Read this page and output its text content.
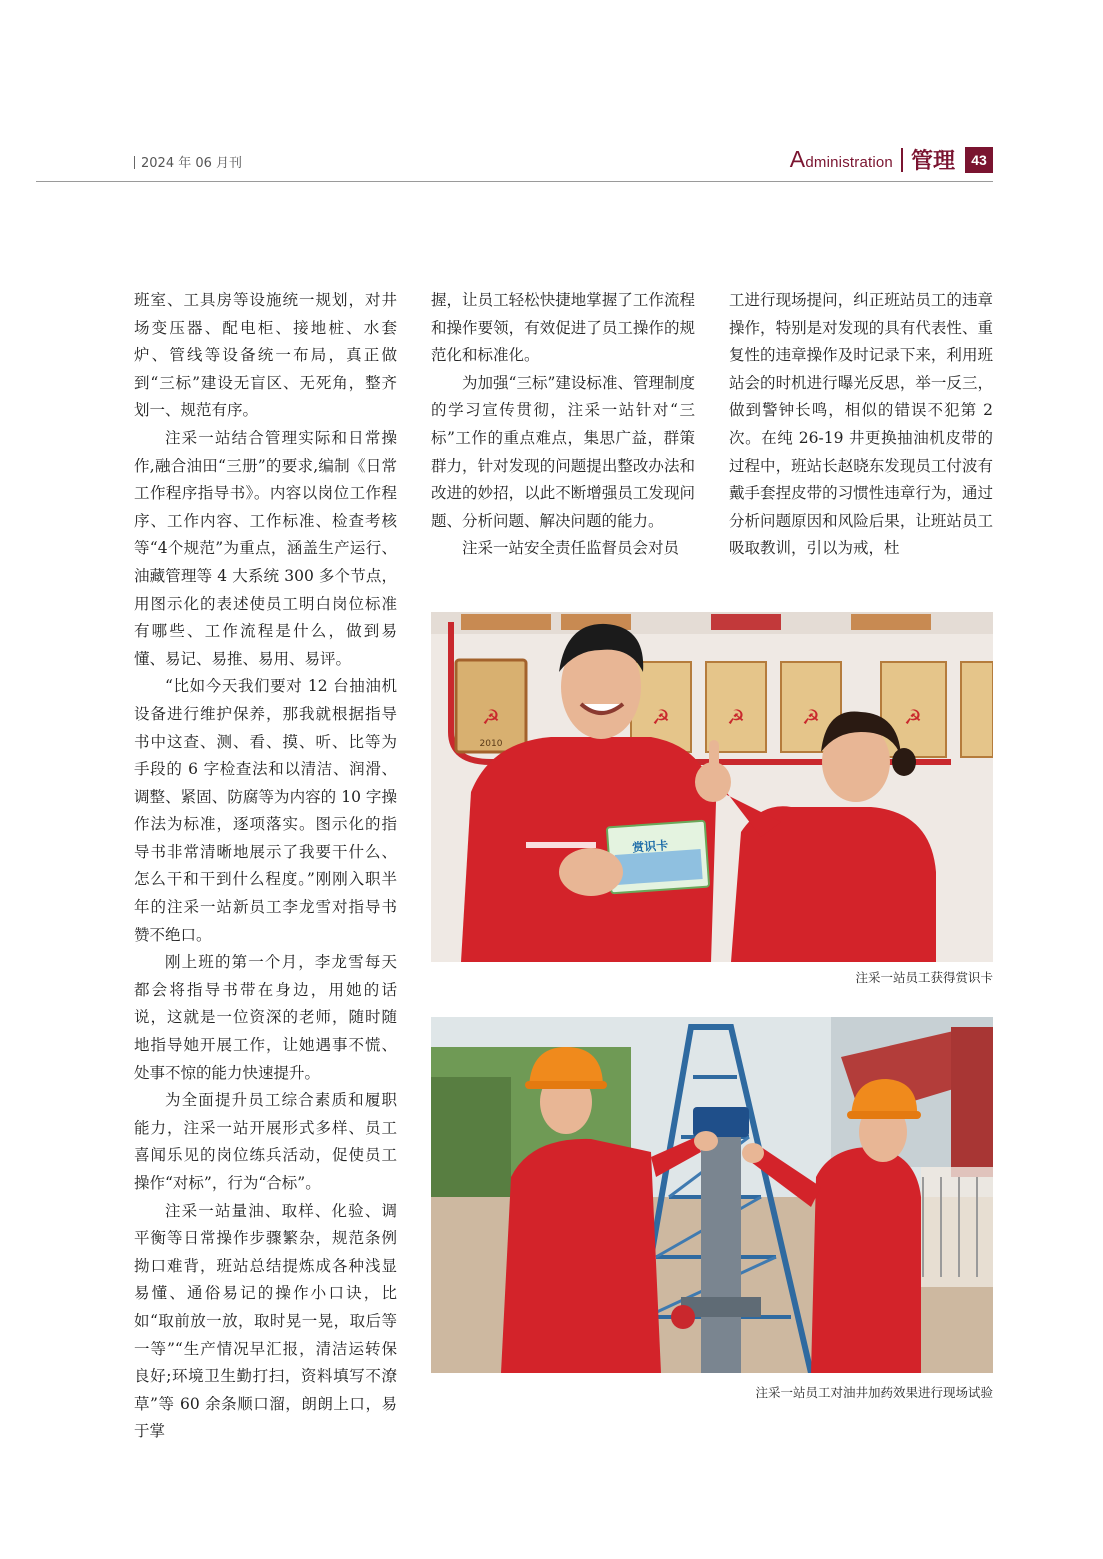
2024 年 06 月刊	Administration 管理	43

班室、工具房等设施统一规划，对井场变压器、配电柜、接地桩、水套炉、管线等设备统一布局，真正做到“三标”建设无盲区、无死角，整齐划一、规范有序。

注采一站结合管理实际和日常操作,融合油田“三册”的要求,编制《日常工作程序指导书》。内容以岗位工作程序、工作内容、工作标准、检查考核等“4个规范”为重点，涵盖生产运行、油藏管理等 4 大系统 300 多个节点，用图示化的表述使员工明白岗位标准有哪些、工作流程是什么，做到易懂、易记、易推、易用、易评。

“比如今天我们要对 12 台抽油机设备进行维护保养，那我就根据指导书中这查、测、看、摸、听、比等为手段的 6 字检查法和以清洁、润滑、调整、紧固、防腐等为内容的 10 字操作法为标准，逐项落实。图示化的指导书非常清晰地展示了我要干什么、怎么干和干到什么程度。”刚刚入职半年的注采一站新员工李龙雪对指导书赞不绝口。

刚上班的第一个月，李龙雪每天都会将指导书带在身边，用她的话说，这就是一位资深的老师，随时随地指导她开展工作，让她遇事不慌、处事不惊的能力快速提升。

为全面提升员工综合素质和履职能力，注采一站开展形式多样、员工喜闻乐见的岗位练兵活动，促使员工操作“对标”，行为“合标”。

注采一站量油、取样、化验、调平衡等日常操作步骤繁杂，规范条例拗口难背，班站总结提炼成各种浅显易懂、通俗易记的操作小口诀，比如“取前放一放，取时晃一晃，取后等一等”“生产情况早汇报，清洁运转保良好;环境卫生勤打扫，资料填写不潦草”等 60 余条顺口溜，朗朗上口，易于掌

握，让员工轻松快捷地掌握了工作流程和操作要领，有效促进了员工操作的规范化和标准化。

为加强“三标”建设标准、管理制度的学习宣传贯彻，注采一站针对“三标”工作的重点难点，集思广益，群策群力，针对发现的问题提出整改办法和改进的妙招，以此不断增强员工发现问题、分析问题、解决问题的能力。

注采一站安全责任监督员会对员

工进行现场提问，纠正班站员工的违章操作，特别是对发现的具有代表性、重复性的违章操作及时记录下来，利用班站会的时机进行曝光反思，举一反三，做到警钟长鸣，相似的错误不犯第 2 次。在纯 26-19 井更换抽油机皮带的过程中，班站长赵晓东发现员工付波有戴手套捏皮带的习惯性违章行为，通过分析问题原因和风险后果，让班站员工吸取教训，引以为戒，杜

☭
2010
☭	☭	☭	☭
赏识卡
注采一站员工获得赏识卡
注采一站员工对油井加药效果进行现场试验
